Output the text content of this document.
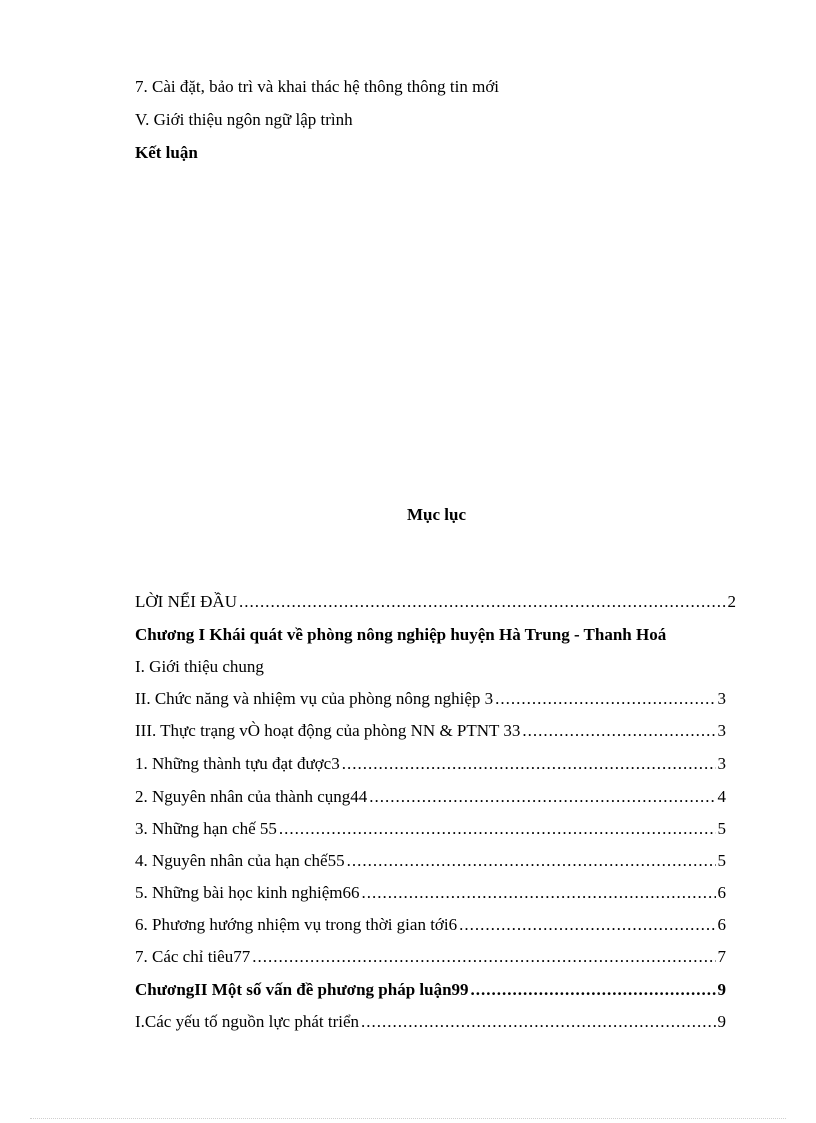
7. Cài đặt, bảo trì và khai thác hệ thông thông tin mới
V. Giới thiệu ngôn ngữ lập trình
Kết luận
Mục lục
LỜI NỂI ĐẦU .....	2
Chương I Khái quát về phòng nông nghiệp huyện Hà Trung - Thanh Hoá
I. Giới thiệu chung
II. Chức năng và nhiệm vụ của phòng nông nghiệp 3 .....	3
III. Thực trạng vÒ hoạt động của phòng NN & PTNT 33 .....	3
1. Những thành tựu đạt được3 .....	3
2. Nguyên nhân của thành cụng44 .....	4
3. Những hạn chế 55 .....	5
4. Nguyên nhân của hạn chế55 .....	5
5. Những bài học kinh nghiệm66 .....	6
6. Phương hướng nhiệm vụ trong thời gian tới6 .....	6
7. Các chỉ tiêu77 .....	7
ChươngII Một số vấn đề phương pháp luận99 .....	9
I.Các yếu tố nguồn lực phát triển .....	9
